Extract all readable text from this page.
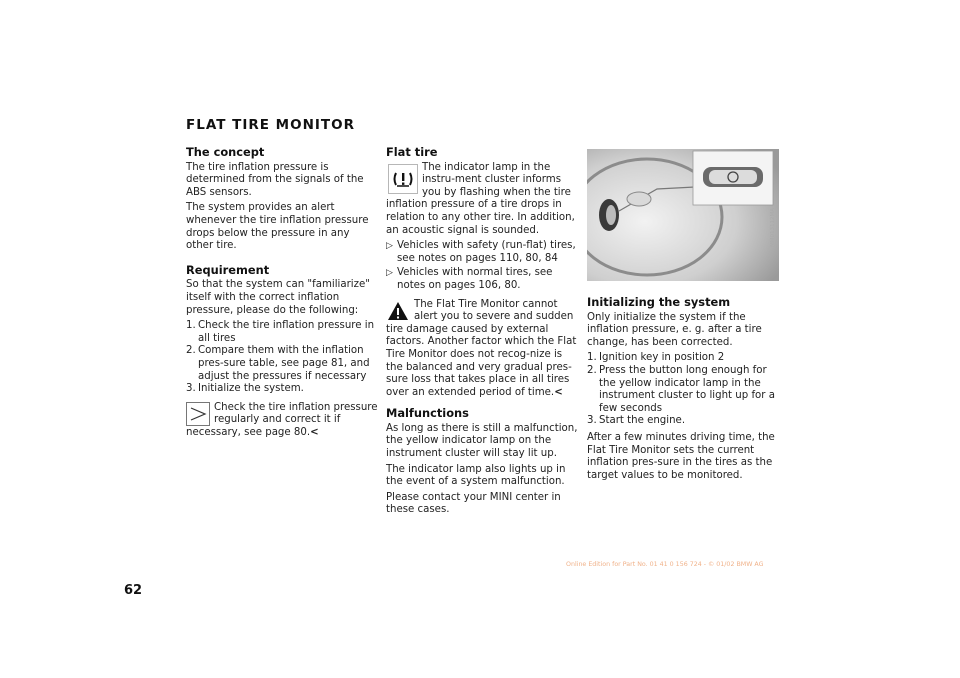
FLAT TIRE MONITOR
The concept

The tire inflation pressure is determined from the signals of the ABS sensors.

The system provides an alert whenever the tire inflation pressure drops below the pressure in any other tire.

Requirement

So that the system can "familiarize" itself with the correct inflation pressure, please do the following:

1. Check the tire inflation pressure in all tires
2. Compare them with the inflation pres-sure table, see page 81, and adjust the pressures if necessary
3. Initialize the system.
Check the tire inflation pressure regularly and correct it if necessary, see page 80.<
Flat tire

The indicator lamp in the instru-ment cluster informs you by flashing when the tire inflation pressure of a tire drops in relation to any other tire. In addition, an acoustic signal is sounded.

▷ Vehicles with safety (run-flat) tires, see notes on pages 110, 80, 84
▷ Vehicles with normal tires, see notes on pages 106, 80.
The Flat Tire Monitor cannot alert you to severe and sudden tire damage caused by external factors. Another factor which the Flat Tire Monitor does not recog-nize is the balanced and very gradual pres-sure loss that takes place in all tires over an extended period of time.<
Malfunctions

As long as there is still a malfunction, the yellow indicator lamp on the instrument cluster will stay lit up.

The indicator lamp also lights up in the event of a system malfunction.

Please contact your MINI center in these cases.

MM013112MA
Initializing the system

Only initialize the system if the inflation pressure, e. g. after a tire change, has been corrected.

1. Ignition key in position 2
2. Press the button long enough for the yellow indicator lamp in the instrument cluster to light up for a few seconds
3. Start the engine.

After a few minutes driving time, the Flat Tire Monitor sets the current inflation pres-sure in the tires as the target values to be monitored.

62
Online Edition for Part No. 01 41 0 156 724 - © 01/02 BMW AG
